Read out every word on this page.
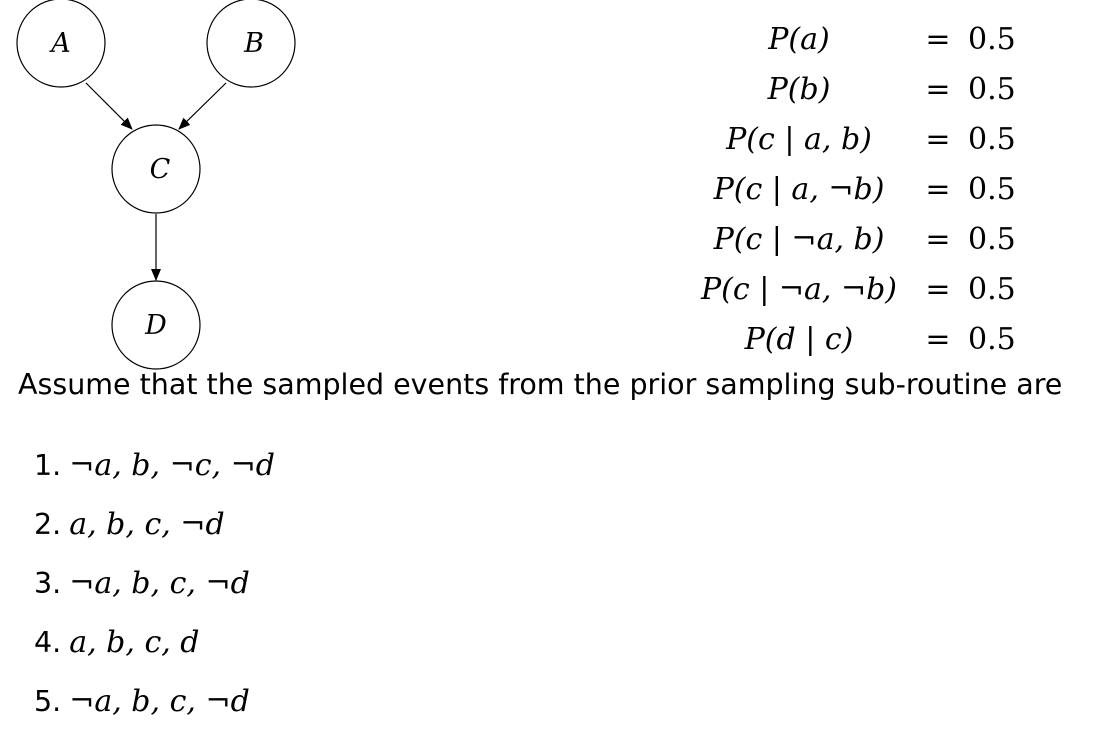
A	B
C
D
P(a)	= 0.5
P(b)	= 0.5
P(c | a, b)	= 0.5
P(c | a, ¬b)	= 0.5
P(c | ¬a, b)	= 0.5
P(c | ¬a, ¬b) = 0.5
P(d | c)	= 0.5
Assume that the sampled events from the prior sampling sub-routine are
1. ¬a, b, ¬c, ¬d
2. a, b, c, ¬d
3. ¬a, b, c, ¬d
4. a, b, c, d
5. ¬a, b, c, ¬d
